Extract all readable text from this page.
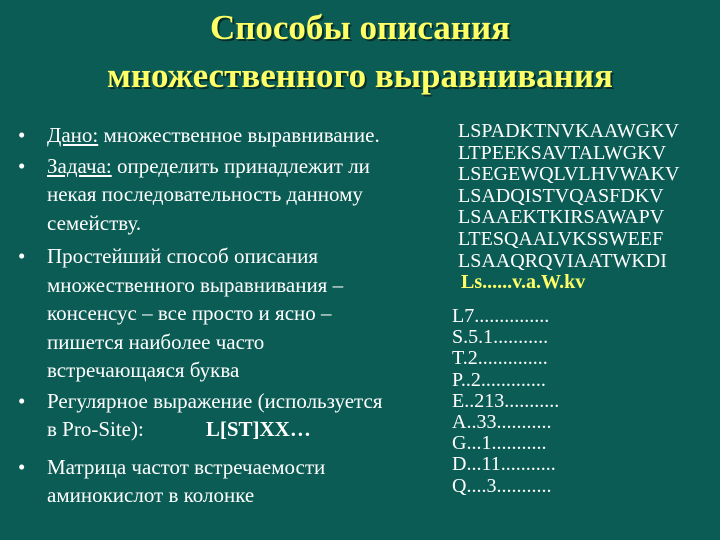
Способы описания
множественного выравнивания
• Дано: множественное выравнивание.
• Задача: определить принадлежит ли
некая последовательность данному
семейству.
• Простейший способ описания
множественного выравнивания –
консенсус – все просто и ясно –
пишется наиболее часто
встречающаяся буква
• Регулярное выражение (используется
в Pro-Site):	L[ST]XX…
• Матрица частот встречаемости
аминокислот в колонке
LSPADKTNVKAAWGKV
LTPEEKSAVTALWGKV
LSEGEWQLVLHVWAKV
LSADQISTVQASFDKV
LSAAEKTKIRSAWAPV
LTESQAALVKSSWEEF
LSAAQRQVIAATWKDI
Ls......v.a.W.kv
L7...............
S.5.1...........
T.2..............
P..2.............
E..213...........
A..33...........
G...1...........
D...11...........
Q....3...........
